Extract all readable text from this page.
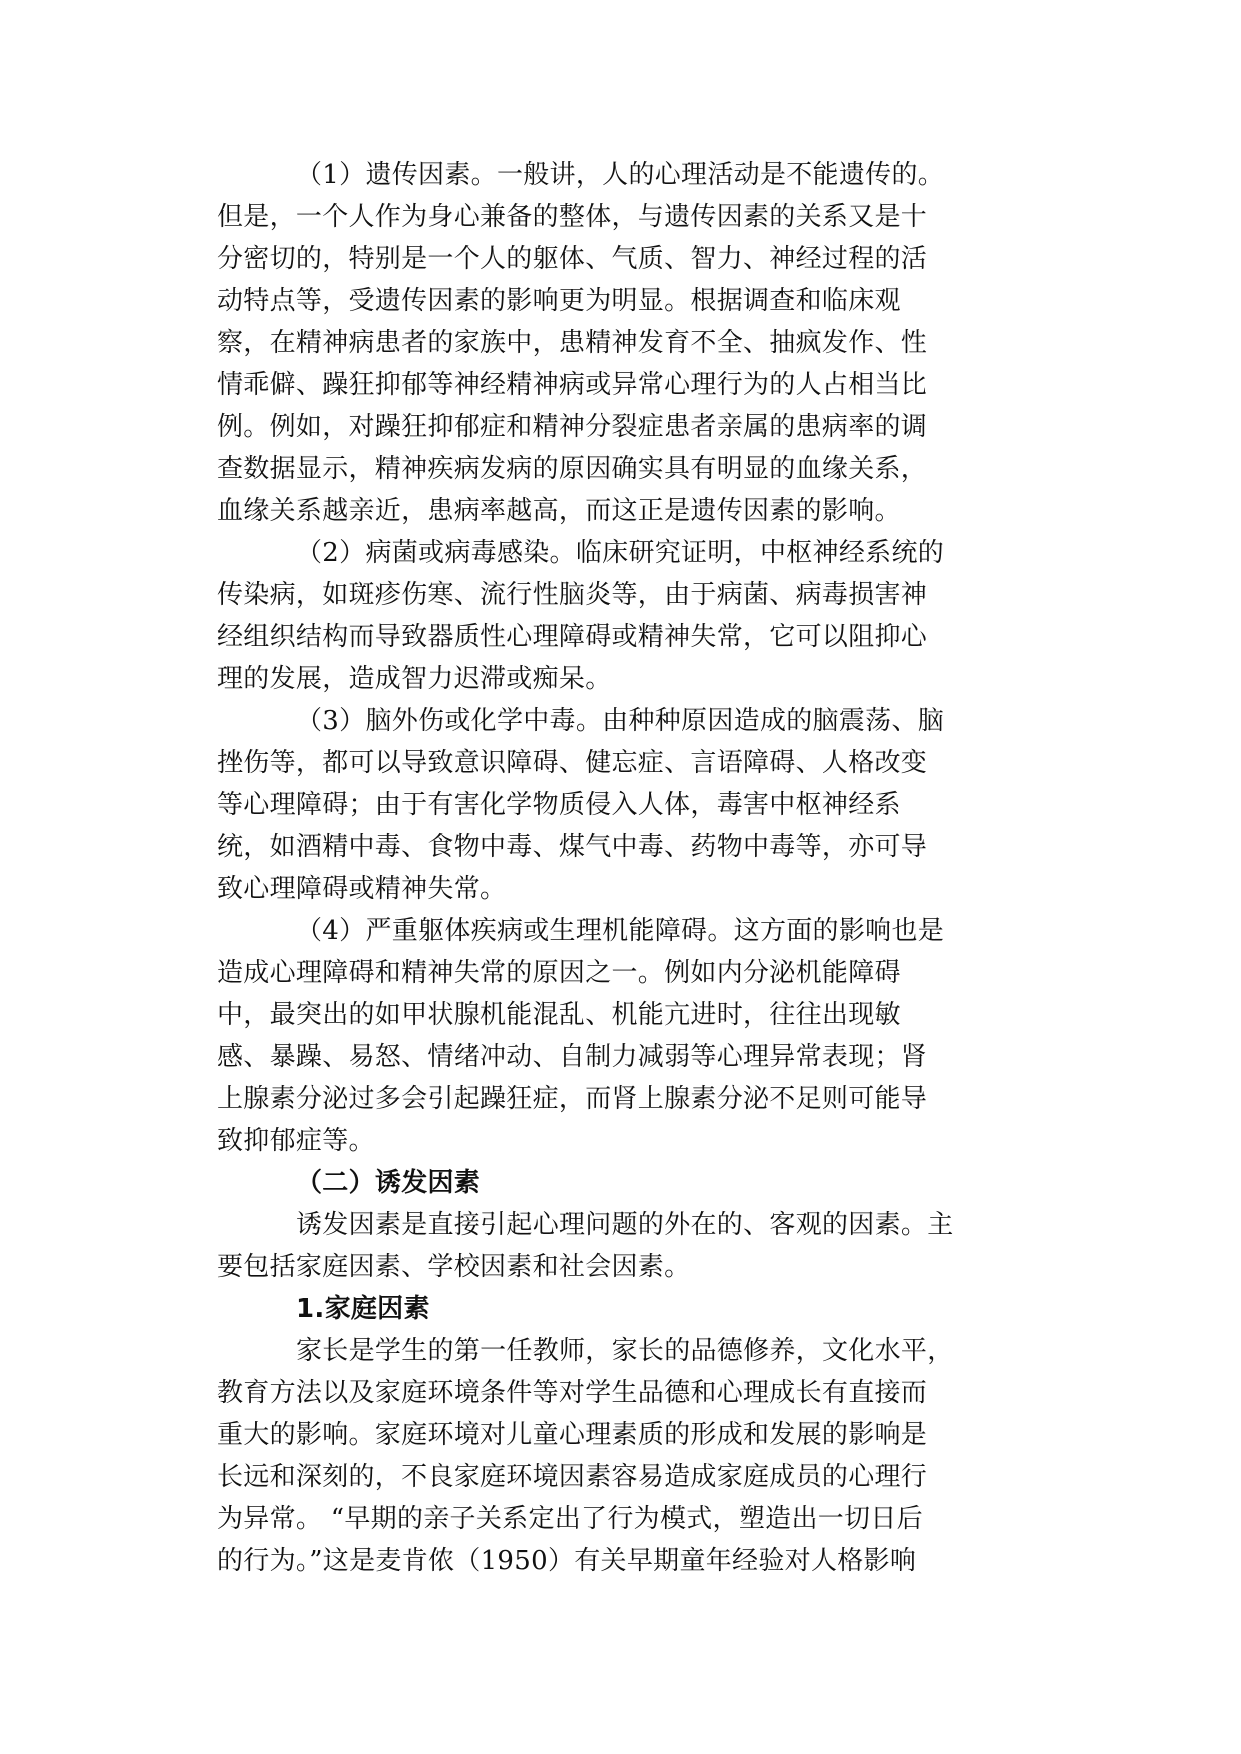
（1）遗传因素。一般讲，人的心理活动是不能遗传的。
但是，一个人作为身心兼备的整体，与遗传因素的关系又是十
分密切的，特别是一个人的躯体、气质、智力、神经过程的活
动特点等，受遗传因素的影响更为明显。根据调查和临床观
察，在精神病患者的家族中，患精神发育不全、抽疯发作、性
情乖僻、躁狂抑郁等神经精神病或异常心理行为的人占相当比
例。例如，对躁狂抑郁症和精神分裂症患者亲属的患病率的调
查数据显示，精神疾病发病的原因确实具有明显的血缘关系，
血缘关系越亲近，患病率越高，而这正是遗传因素的影响。
（2）病菌或病毒感染。临床研究证明，中枢神经系统的
传染病，如斑疹伤寒、流行性脑炎等，由于病菌、病毒损害神
经组织结构而导致器质性心理障碍或精神失常，它可以阻抑心
理的发展，造成智力迟滞或痴呆。
（3）脑外伤或化学中毒。由种种原因造成的脑震荡、脑
挫伤等，都可以导致意识障碍、健忘症、言语障碍、人格改变
等心理障碍；由于有害化学物质侵入人体，毒害中枢神经系
统，如酒精中毒、食物中毒、煤气中毒、药物中毒等，亦可导
致心理障碍或精神失常。
（4）严重躯体疾病或生理机能障碍。这方面的影响也是
造成心理障碍和精神失常的原因之一。例如内分泌机能障碍
中，最突出的如甲状腺机能混乱、机能亢进时，往往出现敏
感、暴躁、易怒、情绪冲动、自制力减弱等心理异常表现；肾
上腺素分泌过多会引起躁狂症，而肾上腺素分泌不足则可能导
致抑郁症等。
（二）诱发因素
诱发因素是直接引起心理问题的外在的、客观的因素。主
要包括家庭因素、学校因素和社会因素。
1.家庭因素
家长是学生的第一任教师，家长的品德修养，文化水平，
教育方法以及家庭环境条件等对学生品德和心理成长有直接而
重大的影响。家庭环境对儿童心理素质的形成和发展的影响是
长远和深刻的，不良家庭环境因素容易造成家庭成员的心理行
为异常。 “早期的亲子关系定出了行为模式，塑造出一切日后
的行为。”这是麦肯侬（1950）有关早期童年经验对人格影响
